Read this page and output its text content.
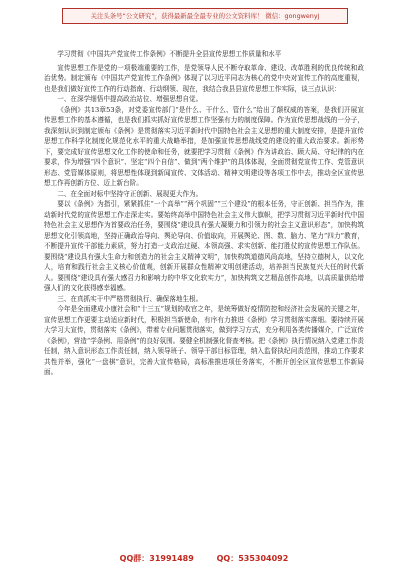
关注头条号“公文研究”，获得最新最全最专业的公文资料库！ 微信：gongwenyj

学习贯彻《中国共产党宣传工作条例》不断提升全县宣传思想工作质量和水平

宣传思想工作是党的一项极端重要的工作，是党领导人民不断夺取革命、建设、改革胜利的优良传统和政治优势。制定颁布《中国共产党宣传工作条例》体现了以习近平同志为核心的党中央对宣传工作的高度重视，也是我们做好宣传工作的行动指南、行动纲领、现在，我结合我县县宣传思想工作实际，谈三点认识：

一、在深学细悟中提高政治站位、增强思想自觉。

《条例》共13章53条，对党委宣传部门“是什么、干什么、管什么”给出了颠权威的答案，是我们开展宣传思想工作的基本遵循，也是我们抓实抓好宣传思想工作坚强有力的制度保障。作为宣传思想战线的一分子，我深刻认识到制定颁布《条例》是贯彻落实习近平新时代中国特色社会主义思想的重大制度安排，是提升宣传思想工作科学化制度化规范化水平的重大战略举措，是加强宣传思想战线党的建设的重大政治要求。新形势下，要完成好宣传思想文化工作的使命和任务，就要把学习贯彻《条例》作为讲政治、顾大局、守纪律的内在要求，作为增强“四个意识”、坚定“四个自信”、做到“两个维护”的具体体现，全面贯彻党宣传工作、党管意识形态、党管媒体原则，将思想性体现到新闻宣传、文体活动、精神文明建设等各项工作中去，推动全区宣传思想工作再创新方位、迈上新台阶。

二、在全面对标中坚持守正创新、展现更大作为。

要以《条例》为指引，紧紧抓住“一个高举”“两个巩固”“三个建设”的根本任务，守正创新、担当作为，推动新时代党的宣传思想工作走深走实。要始终高举中国特色社会主义伟大旗帜，把学习贯彻习近平新时代中国特色社会主义思想作为首要政治任务，要围绕“建设具有强大凝聚力和引领力的社会主义意识形态”，加快构筑思想文化引领高地，坚持正确政治导向、舆论导向、价值取向，开展舆论、图、数、脑力、笔力“四力”教育，不断提升宣传干部能力素质，努力打造一支政治过硬、本领高强、求实创新、能打胜仗的宣传思想工作队伍。要围绕“建设具有强大生命力和创造力的社会主义精神文明”，加快构筑道德风尚高地，坚持立德树人，以文化人，培育和践行社会主义核心价值观，创新开展群众性精神文明创建活动，培养担当民族复兴大任的时代新人。要围绕“建设具有强大感召力和影响力的中华文化软实力”，加快构筑文艺精品创作高地，以高质量供给增强人们的文化获得感幸福感。

三、在真抓实干中严格贯彻执行、确保落地生根。

今年是全面建成小康社会和“十三五”规划的收官之年，是统筹做好疫情防控和经济社会发展的关键之年，宣传思想工作更要主动适应新时代，积极担当新使命，有序有力推进《条例》学习贯彻落实落细。要持续开展大学习大宣传，贯彻落实《条例》，带着专业问题贯彻落实，做到学习方式，充分利用各类传播媒介，广泛宣传《条例》，营造“学条例、用条例”的良好氛围。要健全机制强化督查考核。把《条例》执行情况纳入党建工作责任制，纳入意识形态工作责任制，纳入领导班子、领导干部目标管理，纳入监督执纪问责范围，推动工作要求共性并举，强化“一盘棋”意识，完善大宣传格局，高标准推进项任务落实，不断开创全区宣传思想工作新局面。

QQ群：31991489	QQ：535304092
